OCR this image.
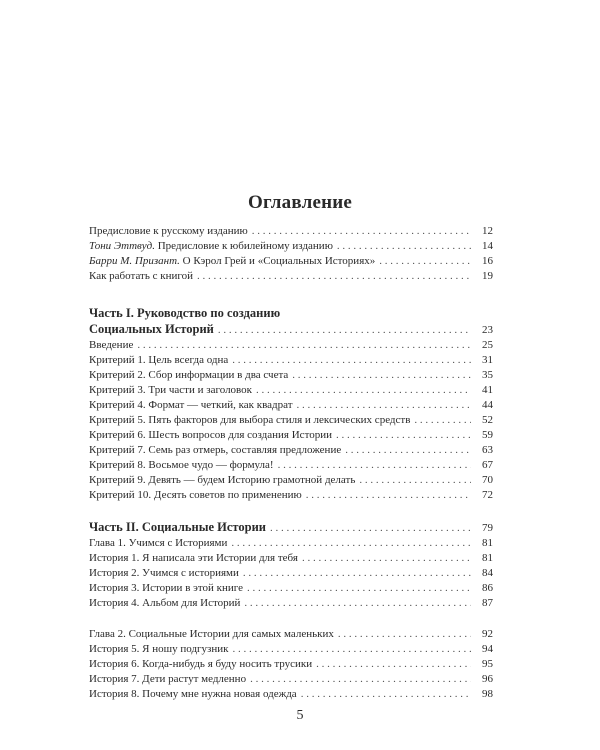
Оглавление
Предисловие к русскому изданию . . .	12
Тони Эттвуд. Предисловие к юбилейному изданию . . .	14
Барри М. Призант. О Кэрол Грей и «Социальных Историях» . . .	16
Как работать с книгой . . .	19
Часть I. Руководство по созданию
Социальных Историй . . .	23
Введение . . .	25
Критерий 1. Цель всегда одна . . .	31
Критерий 2. Сбор информации в два счета . . .	35
Критерий 3. Три части и заголовок . . .	41
Критерий 4. Формат — четкий, как квадрат . . .	44
Критерий 5. Пять факторов для выбора стиля и лексических средств . . .	52
Критерий 6. Шесть вопросов для создания Истории . . .	59
Критерий 7. Семь раз отмерь, составляя предложение . . .	63
Критерий 8. Восьмое чудо — формула! . . .	67
Критерий 9. Девять — будем Историю грамотной делать . . .	70
Критерий 10. Десять советов по применению . . .	72
Часть II. Социальные Истории . . .	79
Глава 1. Учимся с Историями . . .	81
История 1. Я написала эти Истории для тебя . . .	81
История 2. Учимся с историями . . .	84
История 3. Истории в этой книге . . .	86
История 4. Альбом для Историй . . .	87
Глава 2. Социальные Истории для самых маленьких . . .	92
История 5. Я ношу подгузник . . .	94
История 6. Когда-нибудь я буду носить трусики . . .	95
История 7. Дети растут медленно . . .	96
История 8. Почему мне нужна новая одежда . . .	98
5
